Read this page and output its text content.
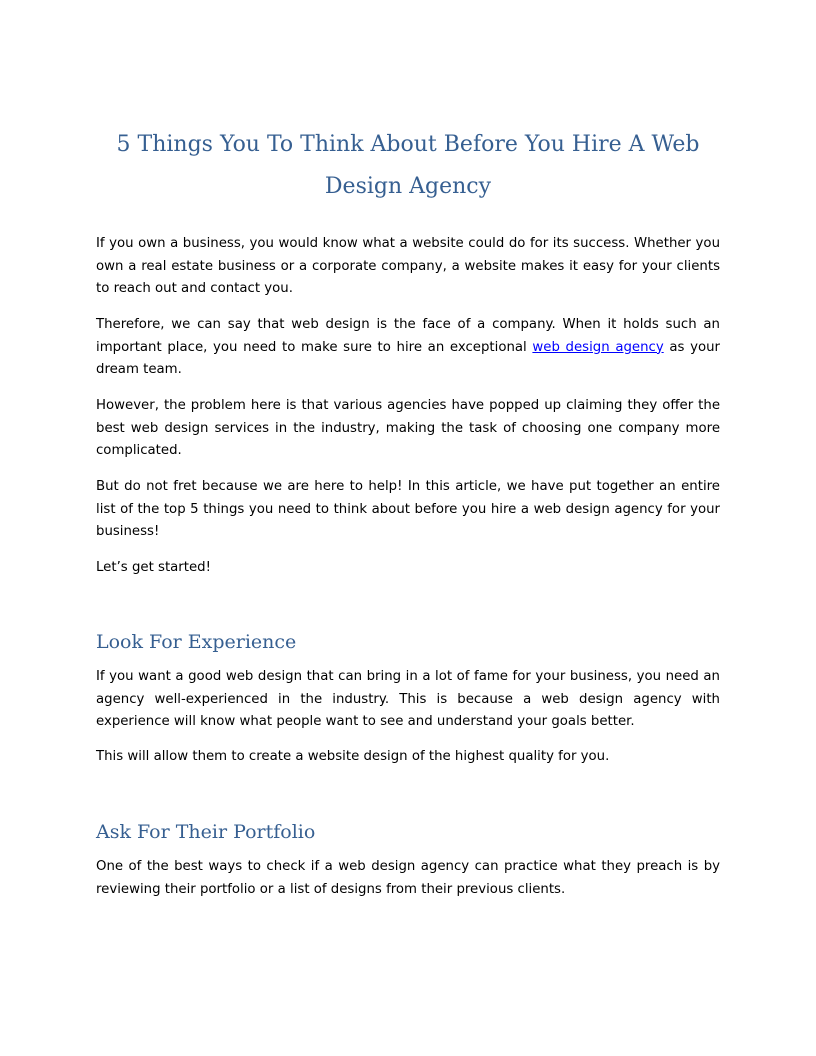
5 Things You To Think About Before You Hire A Web Design Agency

If you own a business, you would know what a website could do for its success. Whether you own a real estate business or a corporate company, a website makes it easy for your clients to reach out and contact you.

Therefore, we can say that web design is the face of a company. When it holds such an important place, you need to make sure to hire an exceptional web design agency as your dream team.

However, the problem here is that various agencies have popped up claiming they offer the best web design services in the industry, making the task of choosing one company more complicated.

But do not fret because we are here to help! In this article, we have put together an entire list of the top 5 things you need to think about before you hire a web design agency for your business!

Let’s get started!

Look For Experience

If you want a good web design that can bring in a lot of fame for your business, you need an agency well-experienced in the industry. This is because a web design agency with experience will know what people want to see and understand your goals better.

This will allow them to create a website design of the highest quality for you.

Ask For Their Portfolio

One of the best ways to check if a web design agency can practice what they preach is by reviewing their portfolio or a list of designs from their previous clients.
